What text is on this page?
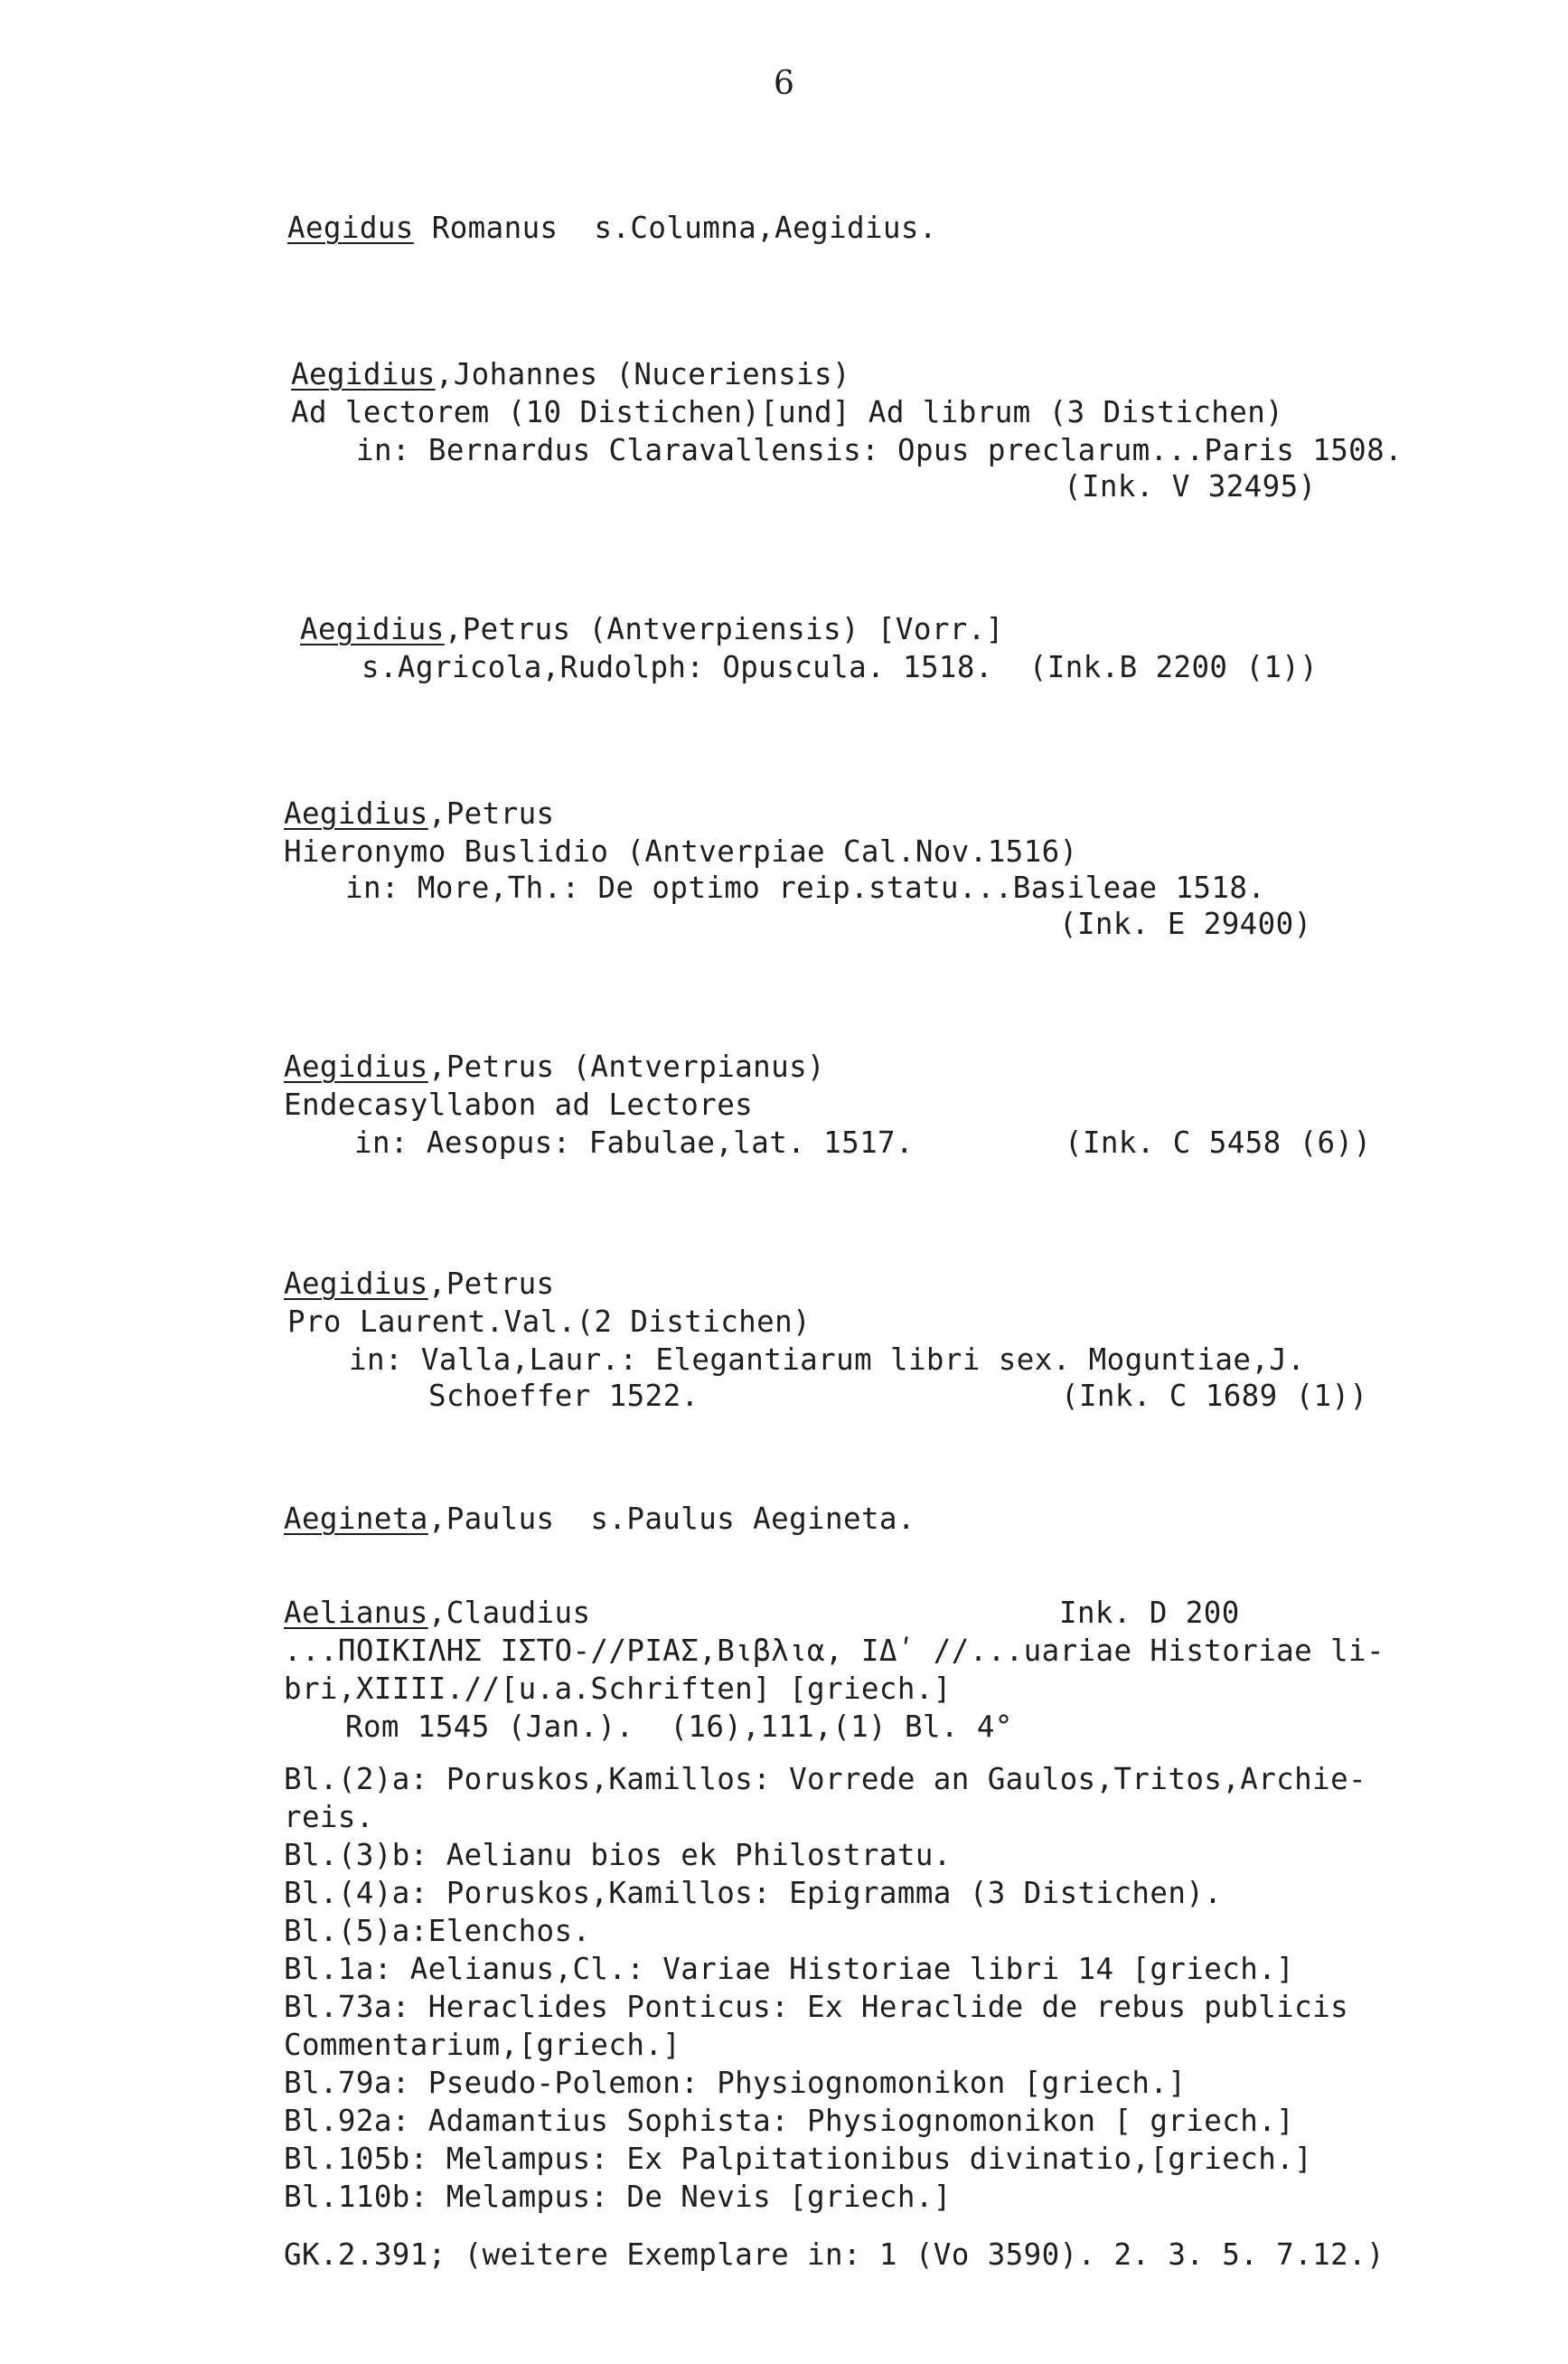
6
Aegidus Romanus  s.Columna,Aegidius.
Aegidius,Johannes (Nuceriensis)
Ad lectorem (10 Distichen)[und] Ad librum (3 Distichen)
in: Bernardus Claravallensis: Opus preclarum...Paris 1508.
(Ink. V 32495)
Aegidius,Petrus (Antverpiensis) [Vorr.]
s.Agricola,Rudolph: Opuscula. 1518.  (Ink.B 2200 (1))
Aegidius,Petrus
Hieronymo Buslidio (Antverpiae Cal.Nov.1516)
in: More,Th.: De optimo reip.statu...Basileae 1518.
(Ink. E 29400)
Aegidius,Petrus (Antverpianus)
Endecasyllabon ad Lectores
in: Aesopus: Fabulae,lat. 1517.	(Ink. C 5458 (6))
Aegidius,Petrus
Pro Laurent.Val.(2 Distichen)
in: Valla,Laur.: Elegantiarum libri sex. Moguntiae,J.
Schoeffer 1522.	(Ink. C 1689 (1))
Aegineta,Paulus  s.Paulus Aegineta.
Aelianus,Claudius	Ink. D 200
...ΠΟΙΚΙΛΗΣ ΙΣΤΟ-//ΡΙΑΣ,Βιβλια, ΙΔʹ //...uariae Historiae li-
bri,XIIII.//[u.a.Schriften] [griech.]
Rom 1545 (Jan.).  (16),111,(1) Bl. 4°
Bl.(2)a: Poruskos,Kamillos: Vorrede an Gaulos,Tritos,Archie-
reis.
Bl.(3)b: Aelianu bios ek Philostratu.
Bl.(4)a: Poruskos,Kamillos: Epigramma (3 Distichen).
Bl.(5)a:Elenchos.
Bl.1a: Aelianus,Cl.: Variae Historiae libri 14 [griech.]
Bl.73a: Heraclides Ponticus: Ex Heraclide de rebus publicis
Commentarium,[griech.]
Bl.79a: Pseudo-Polemon: Physiognomonikon [griech.]
Bl.92a: Adamantius Sophista: Physiognomonikon [ griech.]
Bl.105b: Melampus: Ex Palpitationibus divinatio,[griech.]
Bl.110b: Melampus: De Nevis [griech.]
GK.2.391; (weitere Exemplare in: 1 (Vo 3590). 2. 3. 5. 7.12.)
